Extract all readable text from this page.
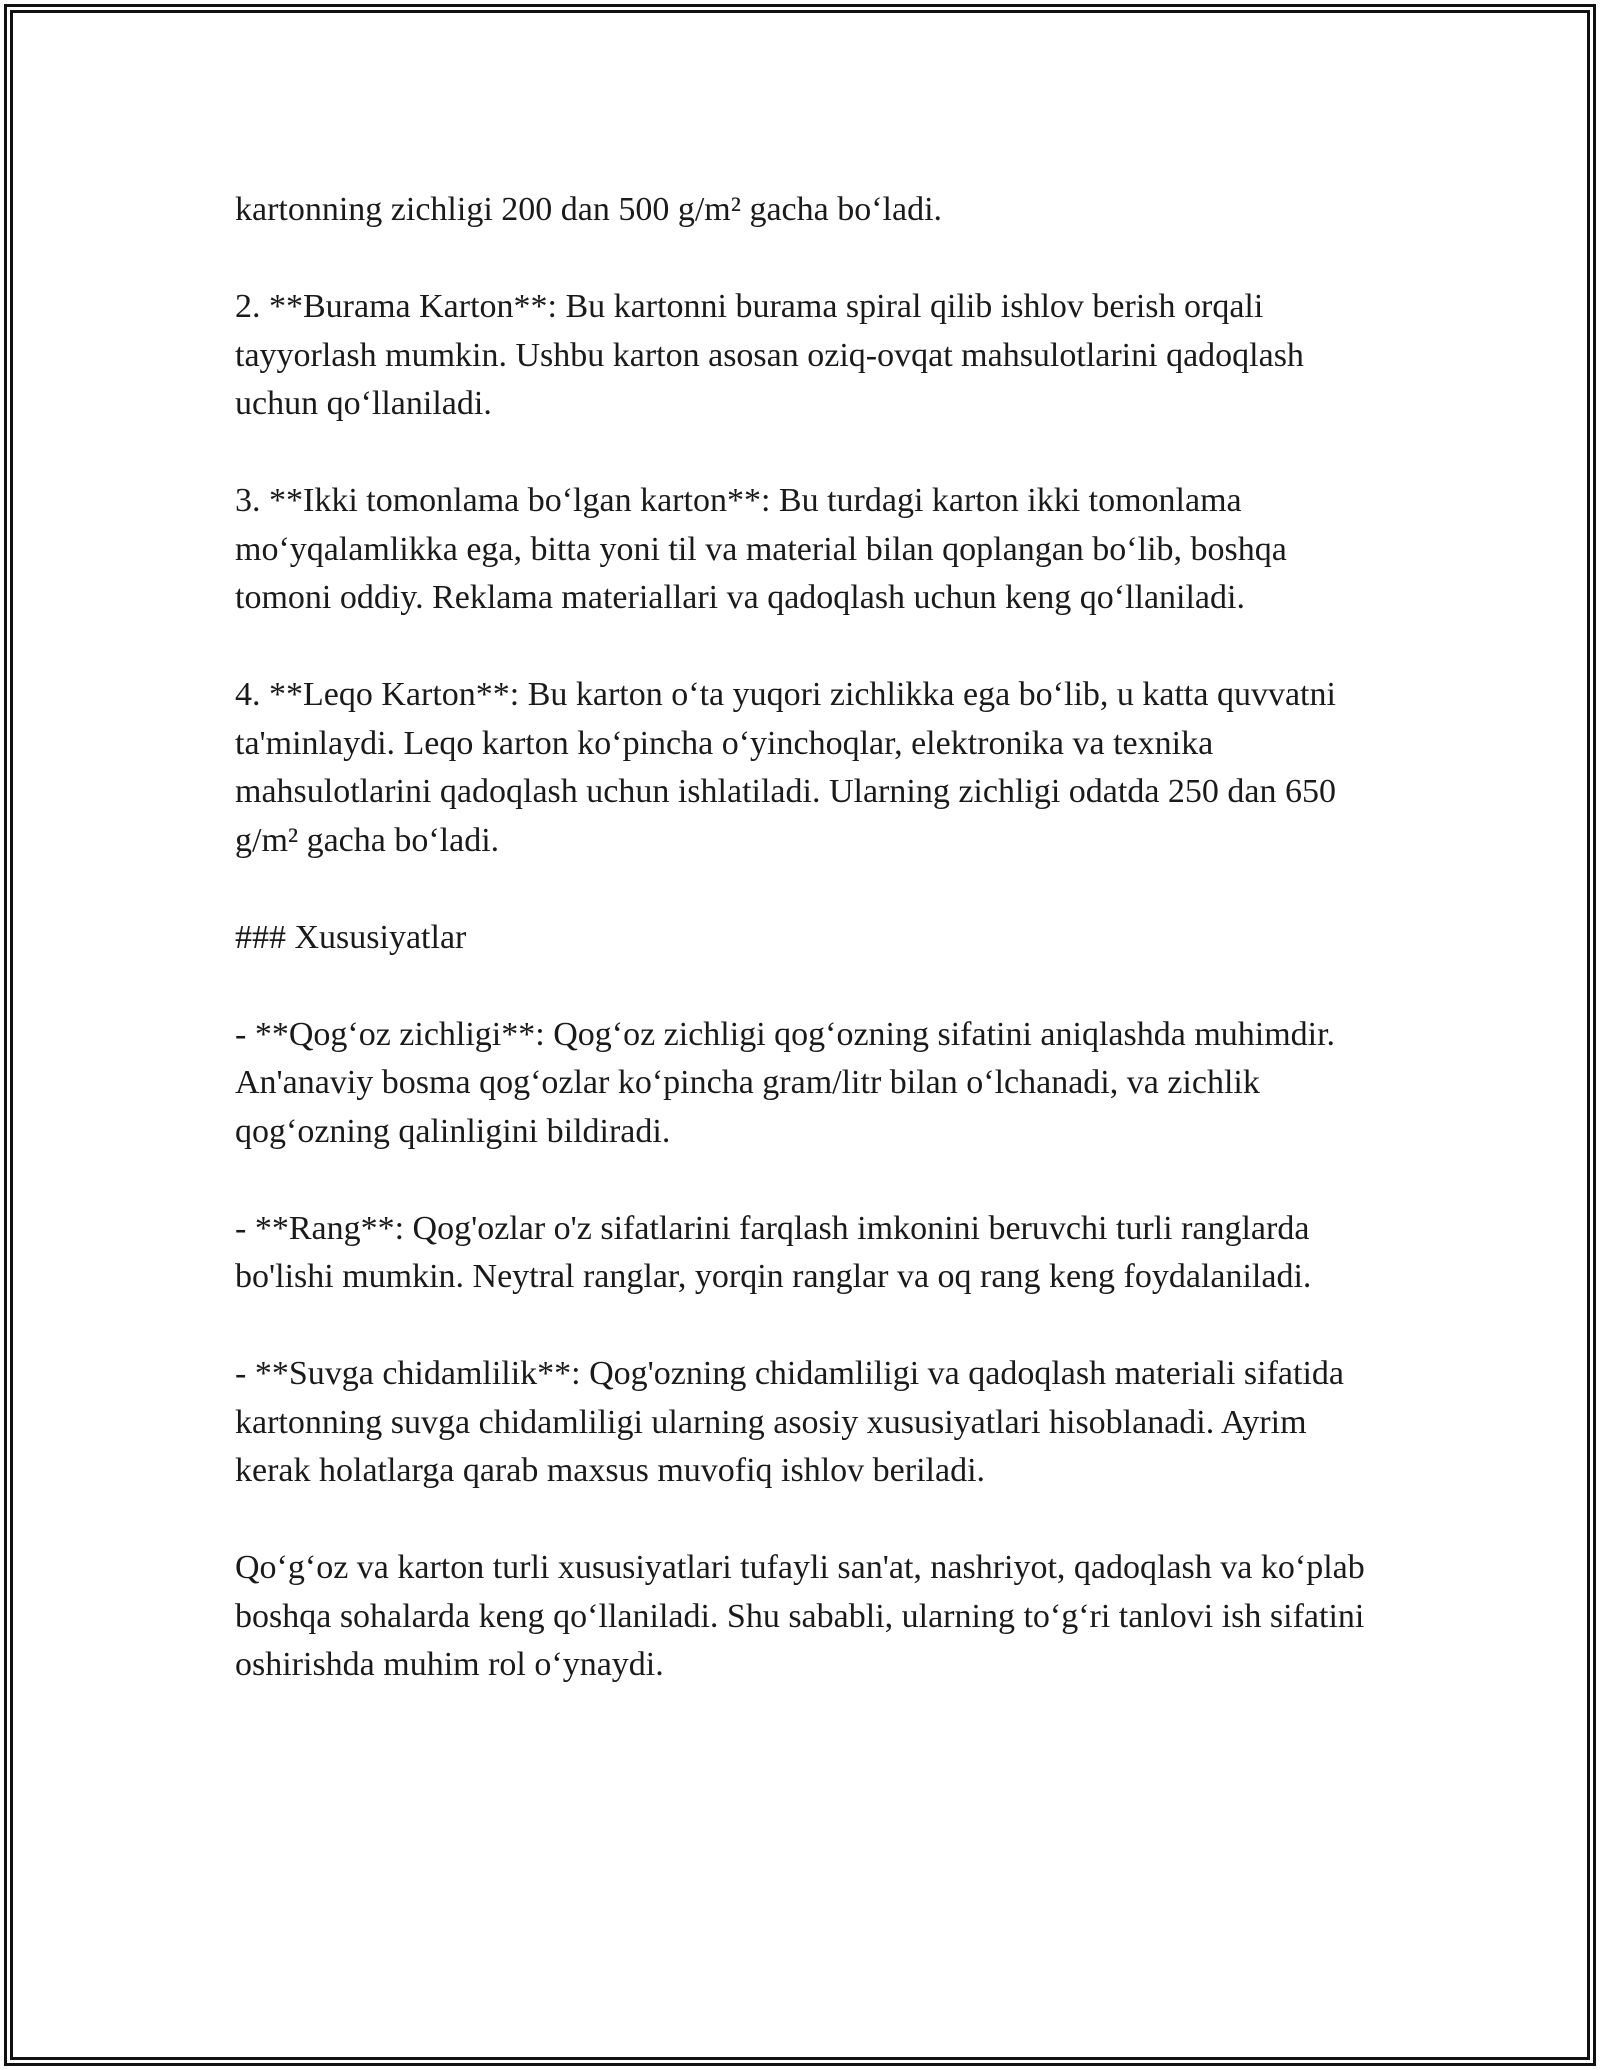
kartonning zichligi 200 dan 500 g/m² gacha bo‘ladi.

2. **Burama Karton**: Bu kartonni burama spiral qilib ishlov berish orqali tayyorlash mumkin. Ushbu karton asosan oziq-ovqat mahsulotlarini qadoqlash uchun qo‘llaniladi.

3. **Ikki tomonlama bo‘lgan karton**: Bu turdagi karton ikki tomonlama mo‘yqalamlikka ega, bitta yoni til va material bilan qoplangan bo‘lib, boshqa tomoni oddiy. Reklama materiallari va qadoqlash uchun keng qo‘llaniladi.

4. **Leqo Karton**: Bu karton o‘ta yuqori zichlikka ega bo‘lib, u katta quvvatni ta'minlaydi. Leqo karton ko‘pincha o‘yinchoqlar, elektronika va texnika mahsulotlarini qadoqlash uchun ishlatiladi. Ularning zichligi odatda 250 dan 650 g/m² gacha bo‘ladi.

### Xususiyatlar

- **Qog‘oz zichligi**: Qog‘oz zichligi qog‘ozning sifatini aniqlashda muhimdir. An'anaviy bosma qog‘ozlar ko‘pincha gram/litr bilan o‘lchanadi, va zichlik qog‘ozning qalinligini bildiradi.

- **Rang**: Qog'ozlar o'z sifatlarini farqlash imkonini beruvchi turli ranglarda bo'lishi mumkin. Neytral ranglar, yorqin ranglar va oq rang keng foydalaniladi.

- **Suvga chidamlilik**: Qog'ozning chidamliligi va qadoqlash materiali sifatida kartonning suvga chidamliligi ularning asosiy xususiyatlari hisoblanadi. Ayrim kerak holatlarga qarab maxsus muvofiq ishlov beriladi.

Qo‘g‘oz va karton turli xususiyatlari tufayli san'at, nashriyot, qadoqlash va ko‘plab boshqa sohalarda keng qo‘llaniladi. Shu sababli, ularning to‘g‘ri tanlovi ish sifatini oshirishda muhim rol o‘ynaydi.
